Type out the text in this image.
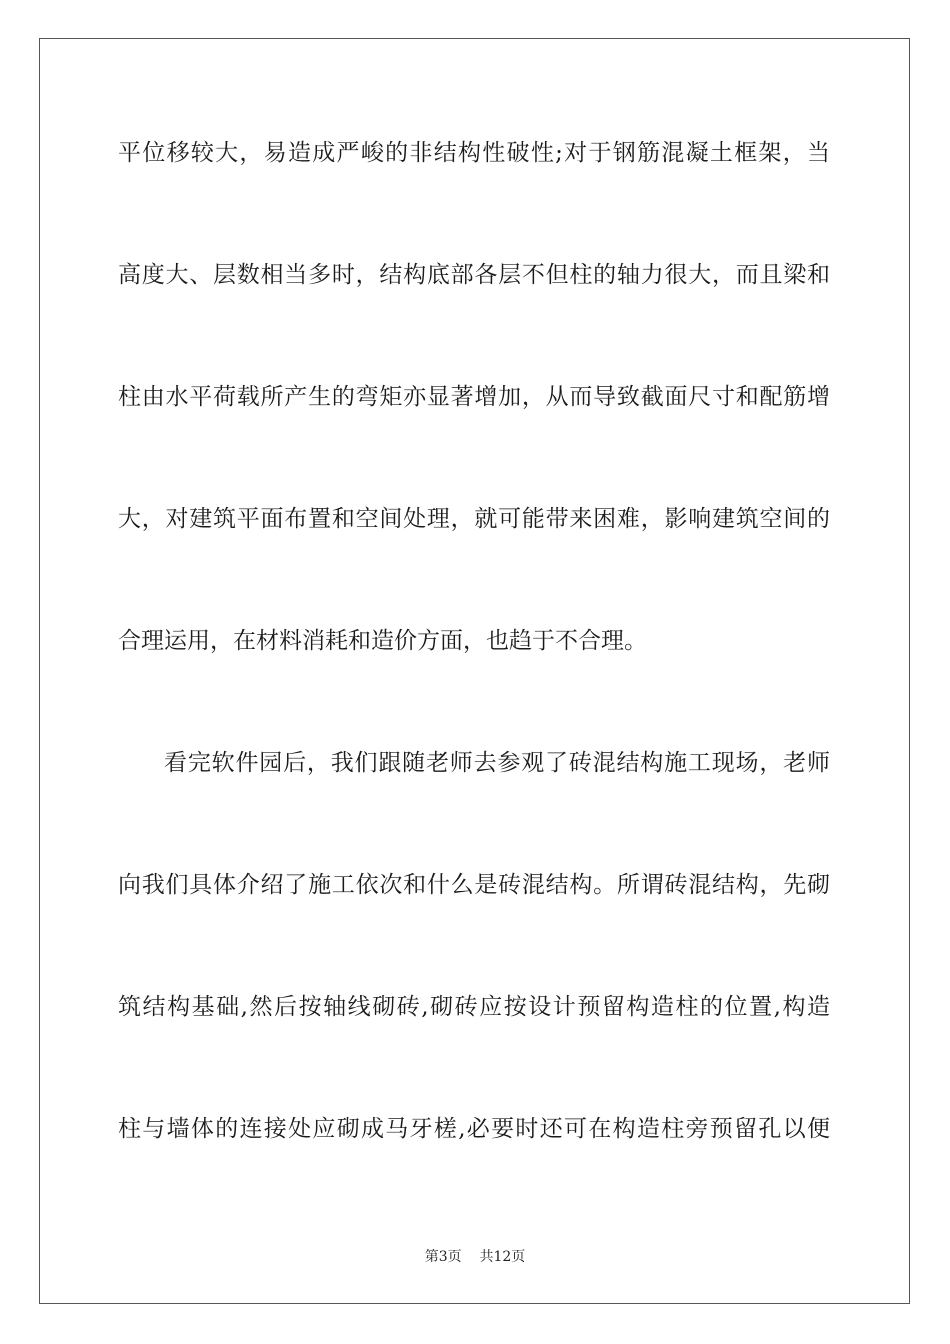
平位移较大，易造成严峻的非结构性破性;对于钢筋混凝土框架，当
高度大、层数相当多时，结构底部各层不但柱的轴力很大，而且梁和
柱由水平荷载所产生的弯矩亦显著增加，从而导致截面尺寸和配筋增
大，对建筑平面布置和空间处理，就可能带来困难，影响建筑空间的
合理运用，在材料消耗和造价方面，也趋于不合理。
看完软件园后，我们跟随老师去参观了砖混结构施工现场，老师
向我们具体介绍了施工依次和什么是砖混结构。所谓砖混结构，先砌
筑结构基础,然后按轴线砌砖,砌砖应按设计预留构造柱的位置,构造
柱与墙体的连接处应砌成马牙槎,必要时还可在构造柱旁预留孔以便
第3页 共12页
